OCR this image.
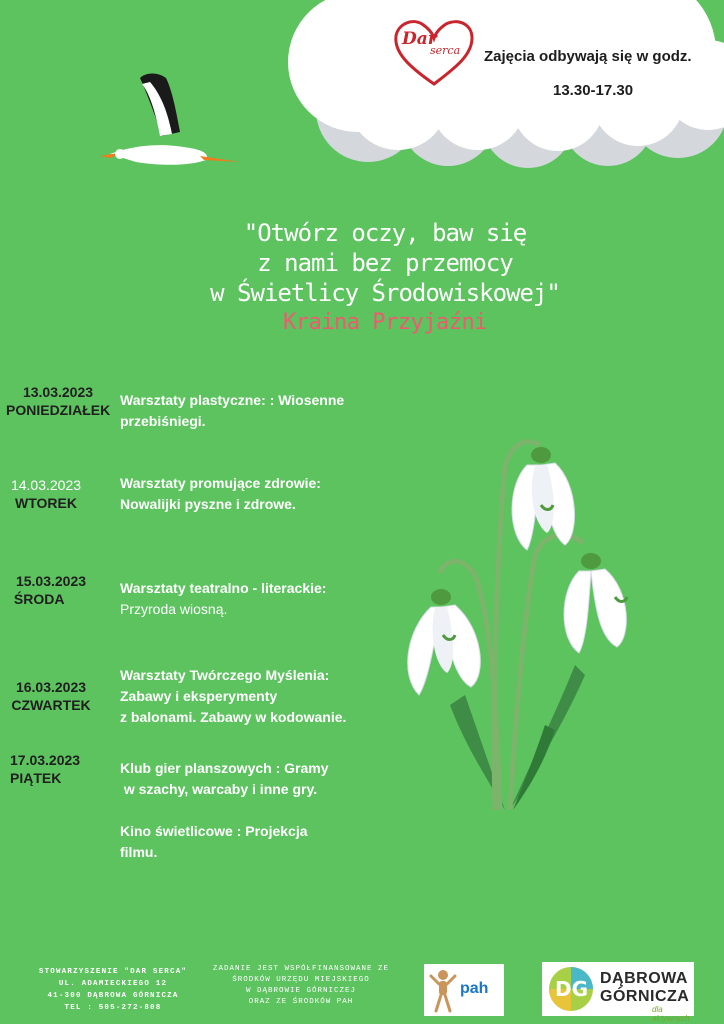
Dar
serca Zajęcia odbywają się w godz.
13.30-17.30
"Otwórz oczy, baw się
z nami bez przemocy
w Świetlicy Środowiskowej"
Kraina Przyjaźni
13.03.2023
PONIEDZIAŁEK
Warsztaty plastyczne: : Wiosenne
przebiśniegi.
14.03.2023
WTOREK
Warsztaty promujące zdrowie:
Nowalijki pyszne i zdrowe.
15.03.2023
ŚRODA
Warsztaty teatralno - literackie:
Przyroda wiosną.
16.03.2023
CZWARTEK
Warsztaty Twórczego Myślenia:
Zabawy i eksperymenty
z balonami. Zabawy w kodowanie.
17.03.2023
PIĄTEK
Klub gier planszowych : Gramy
w szachy, warcaby i inne gry.

Kino świetlicowe : Projekcja
filmu.
STOWARZYSZENIE "DAR SERCA"
UL. ADAMIECKIEGO 12
41-300 DĄBROWA GÓRNICZA
TEL : 505-272-808
ZADANIE JEST WSPÓŁFINANSOWANE ZE
ŚRODKÓW URZĘDU MIEJSKIEGO
W DĄBROWIE GÓRNICZEJ
ORAZ ZE ŚRODKÓW PAH
pah	DG DĄBROWA
GÓRNICZA
dla aktywnych
